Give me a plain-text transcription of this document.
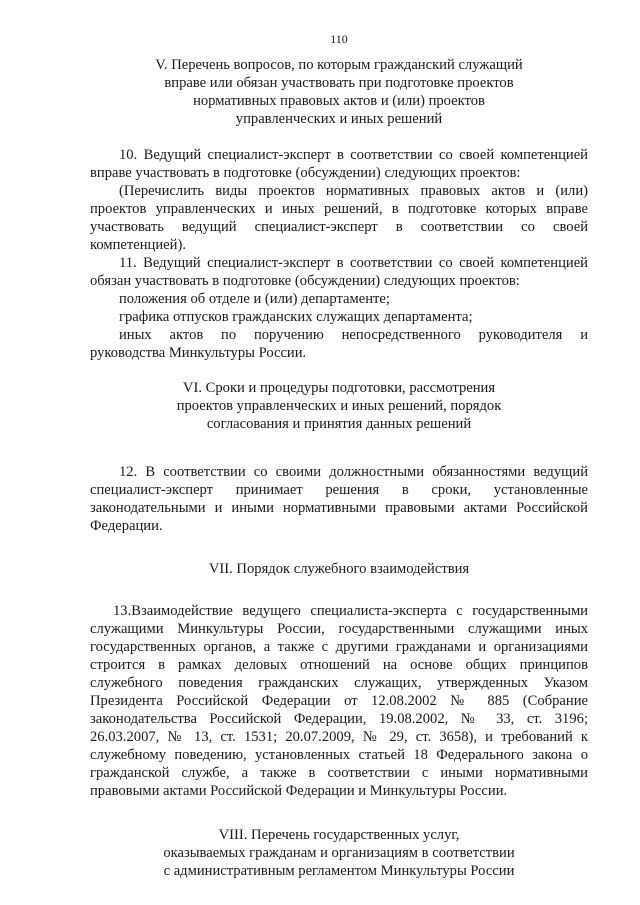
110
V. Перечень вопросов, по которым гражданский служащий
вправе или обязан участвовать при подготовке проектов
нормативных правовых актов и (или) проектов
управленческих и иных решений
10. Ведущий специалист-эксперт в соответствии со своей компетенцией
вправе участвовать в подготовке (обсуждении) следующих проектов:
(Перечислить виды проектов нормативных правовых актов и (или)
проектов управленческих и иных решений, в подготовке которых вправе
участвовать ведущий специалист-эксперт в соответствии со своей
компетенцией).
11. Ведущий специалист-эксперт в соответствии со своей компетенцией
обязан участвовать в подготовке (обсуждении) следующих проектов:
положения об отделе и (или) департаменте;
графика отпусков гражданских служащих департамента;
иных актов по поручению непосредственного руководителя и
руководства Минкультуры России.
VI. Сроки и процедуры подготовки, рассмотрения
проектов управленческих и иных решений, порядок
согласования и принятия данных решений
12. В соответствии со своими должностными обязанностями ведущий
специалист-эксперт принимает решения в сроки, установленные
законодательными и иными нормативными правовыми актами Российской
Федерации.
VII. Порядок служебного взаимодействия
13.Взаимодействие ведущего специалиста-эксперта с государственными
служащими Минкультуры России, государственными служащими иных
государственных органов, а также с другими гражданами и организациями
строится в рамках деловых отношений на основе общих принципов
служебного поведения гражданских служащих, утвержденных Указом
Президента Российской Федерации от 12.08.2002 № 885 (Собрание
законодательства Российской Федерации, 19.08.2002, № 33, ст. 3196;
26.03.2007, № 13, ст. 1531; 20.07.2009, № 29, ст. 3658), и требований к
служебному поведению, установленных статьей 18 Федерального закона о
гражданской службе, а также в соответствии с иными нормативными
правовыми актами Российской Федерации и Минкультуры России.
VIII. Перечень государственных услуг,
оказываемых гражданам и организациям в соответствии
с административным регламентом Минкультуры России
